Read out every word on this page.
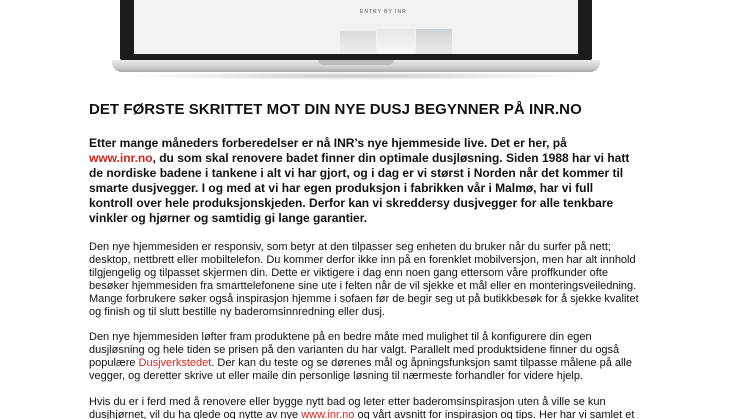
ENTRY BY INR
DET FØRSTE SKRITTET MOT DIN NYE DUSJ BEGYNNER PÅ INR.NO

Etter mange måneders forberedelser er nå INR’s nye hjemmeside live. Det er her, på
www.inr.no, du som skal renovere badet finner din optimale dusjløsning. Siden 1988 har vi hatt
de nordiske badene i tankene i alt vi har gjort, og i dag er vi størst i Norden når det kommer til
smarte dusjvegger. I og med at vi har egen produksjon i fabrikken vår i Malmø, har vi full
kontroll over hele produksjonskjeden. Derfor kan vi skreddersy dusjvegger for alle tenkbare
vinkler og hjørner og samtidig gi lange garantier.

Den nye hjemmesiden er responsiv, som betyr at den tilpasser seg enheten du bruker når du surfer på nett;
desktop, nettbrett eller mobiltelefon. Du kommer derfor ikke inn på en forenklet mobilversjon, men har alt innhold
tilgjengelig og tilpasset skjermen din. Dette er viktigere i dag enn noen gang ettersom våre proffkunder ofte
besøker hjemmesiden fra smarttelefonene sine ute i felten når de vil sjekke et mål eller en monteringsveiledning.
Mange forbrukere søker også inspirasjon hjemme i sofaen før de begir seg ut på butikkbesøk for å sjekke kvalitet
og finish og til slutt bestille ny baderomsinnredning eller dusj.

Den nye hjemmesiden løfter fram produktene på en bedre måte med mulighet til å konfigurere din egen
dusjløsning og hele tiden se prisen på den varianten du har valgt. Parallelt med produktsidene finner du også
populære Dusjverkstedet. Der kan du teste og se dørenes mål og åpningsfunksjon samt tilpasse målene på alle
vegger, og deretter skrive ut eller maile din personlige løsning til nærmeste forhandler for videre hjelp.

Hvis du er i ferd med å renovere eller bygge nytt bad og leter etter baderomsinspirasjon uten å ville se kun
dusjhjørnet, vil du ha glede og nytte av nye www.inr.no og vårt avsnitt for inspirasjon og tips. Her har vi samlet et
